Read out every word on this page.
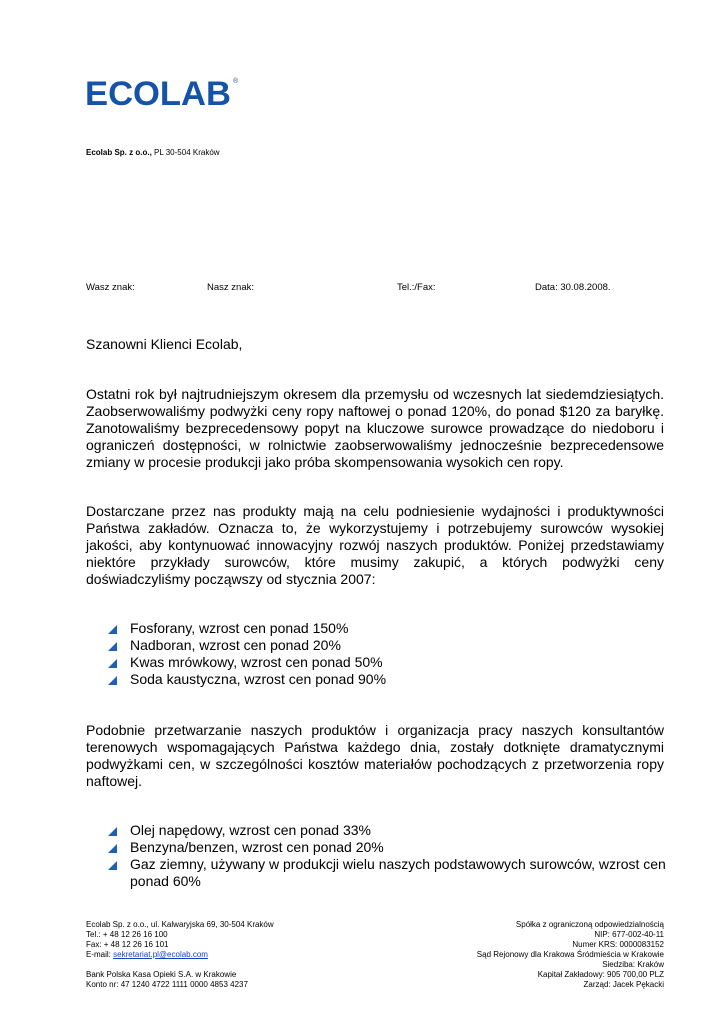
ECOLAB ®
Ecolab Sp. z o.o., PL 30-504 Kraków
Wasz znak:	Nasz znak:	Tel.:/Fax:	Data: 30.08.2008.
Szanowni Klienci Ecolab,
Ostatni rok był najtrudniejszym okresem dla przemysłu od wczesnych lat siedemdziesiątych. Zaobserwowaliśmy podwyżki ceny ropy naftowej o ponad 120%, do ponad $120 za baryłkę. Zanotowaliśmy bezprecedensowy popyt na kluczowe surowce prowadzące do niedoboru i ograniczeń dostępności, w rolnictwie zaobserwowaliśmy jednocześnie bezprecedensowe zmiany w procesie produkcji jako próba skompensowania wysokich cen ropy.
Dostarczane przez nas produkty mają na celu podniesienie wydajności i produktywności Państwa zakładów. Oznacza to, że wykorzystujemy i potrzebujemy surowców wysokiej jakości, aby kontynuować innowacyjny rozwój naszych produktów. Poniżej przedstawiamy niektóre przykłady surowców, które musimy zakupić, a których podwyżki ceny doświadczyliśmy począwszy od stycznia 2007:
Fosforany, wzrost cen ponad 150%
Nadboran, wzrost cen ponad 20%
Kwas mrówkowy, wzrost cen ponad 50%
Soda kaustyczna, wzrost cen ponad 90%
Podobnie przetwarzanie naszych produktów i organizacja pracy naszych konsultantów terenowych wspomagających Państwa każdego dnia, zostały dotknięte dramatycznymi podwyżkami cen, w szczególności kosztów materiałów pochodzących z przetworzenia ropy naftowej.
Olej napędowy, wzrost cen ponad 33%
Benzyna/benzen, wzrost cen ponad 20%
Gaz ziemny, używany w produkcji wielu naszych podstawowych surowców, wzrost cen ponad 60%
Ecolab Sp. z o.o., ul. Kalwaryjska 69, 30-504 Kraków
Tel.: + 48 12 26 16 100
Fax: + 48 12 26 16 101
E-mail: sekretariat.pl@ecolab.com
Bank Polska Kasa Opieki S.A. w Krakowie
Konto nr: 47 1240 4722 1111 0000 4853 4237
Spółka z ograniczoną odpowiedzialnością
NIP: 677-002-40-11
Numer KRS: 0000083152
Sąd Rejonowy dla Krakowa Śródmieścia w Krakowie
Siedziba: Kraków
Kapitał Zakładowy: 905 700,00 PLZ
Zarząd: Jacek Pękacki
